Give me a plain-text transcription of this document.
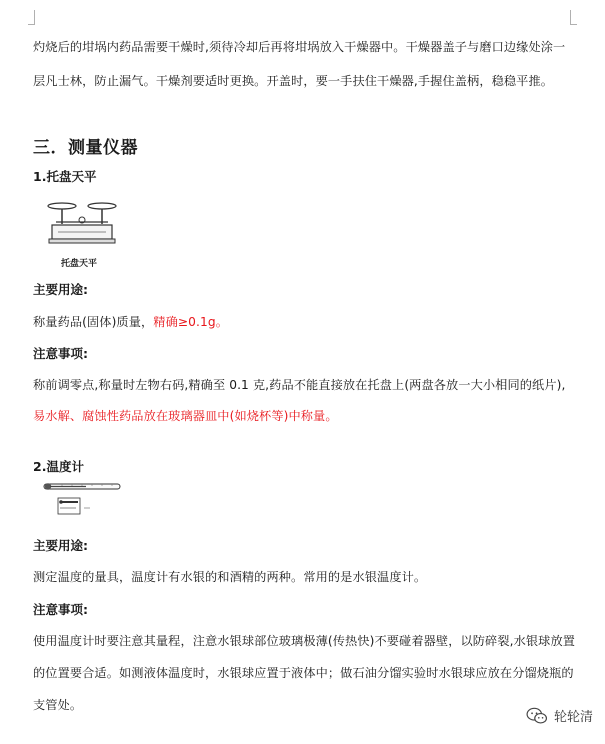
灼烧后的坩埚内药品需要干燥时,须待冷却后再将坩埚放入干燥器中。干燥器盖子与磨口边缘处涂一
层凡士林，防止漏气。干燥剂要适时更换。开盖时，要一手扶住干燥器,手握住盖柄，稳稳平推。
三．测量仪器
1.托盘天平
托盘天平
主要用途:
称量药品(固体)质量，精确≥0.1g。
注意事项:
称前调零点,称量时左物右码,精确至 0.1 克,药品不能直接放在托盘上(两盘各放一大小相同的纸片),
易水解、腐蚀性药品放在玻璃器皿中(如烧杯等)中称量。
2.温度计
主要用途:
测定温度的量具，温度计有水银的和酒精的两种。常用的是水银温度计。
注意事项:
使用温度计时要注意其量程，注意水银球部位玻璃极薄(传热快)不要碰着器壁，以防碎裂,水银球放置
的位置要合适。如测液体温度时，水银球应置于液体中；做石油分馏实验时水银球应放在分馏烧瓶的
支管处。
轮轮清
